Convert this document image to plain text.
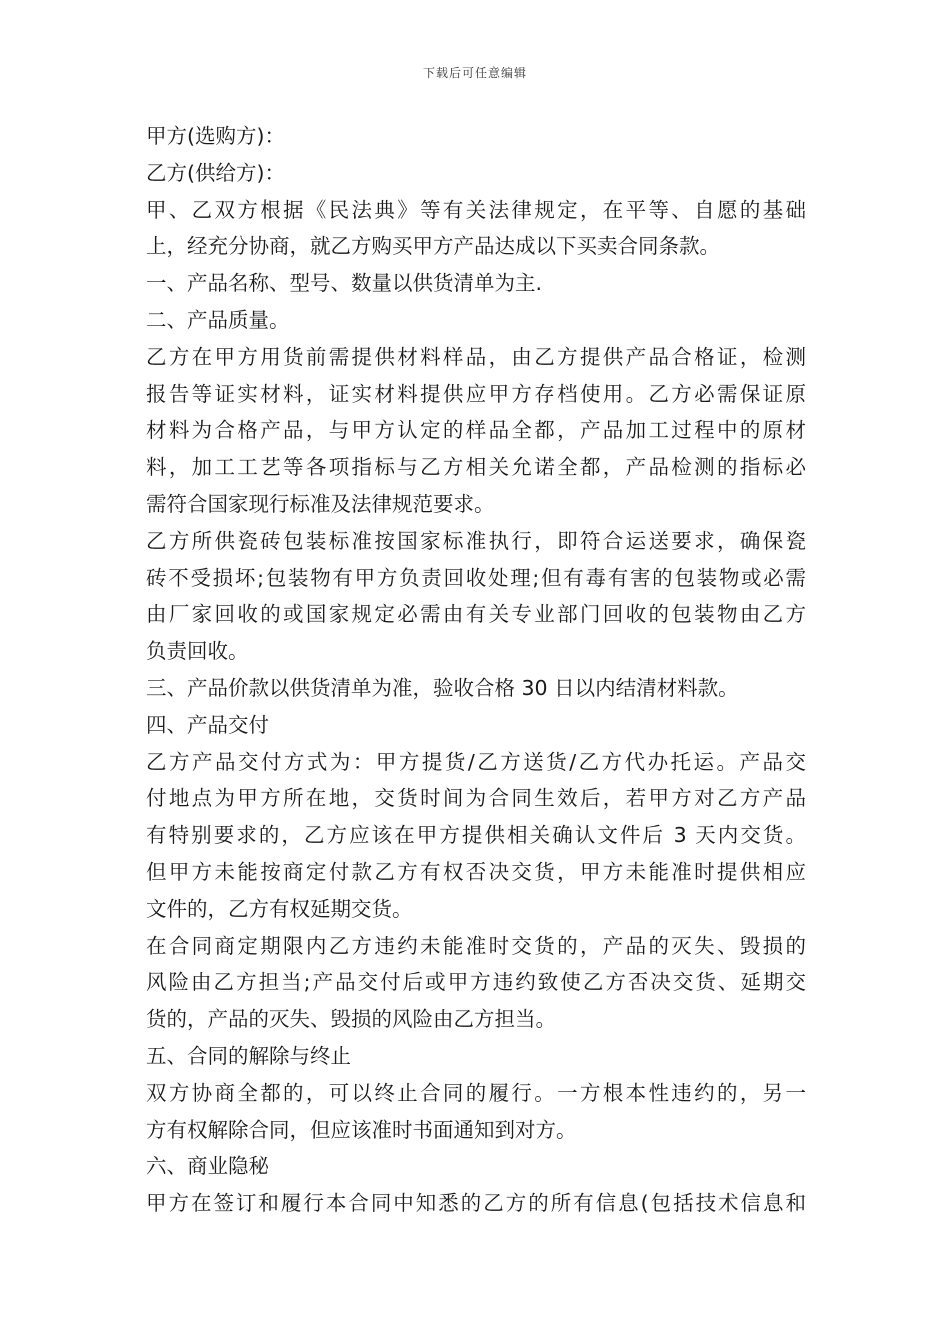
下载后可任意编辑
甲方(选购方)：
乙方(供给方)：
甲、乙双方根据《民法典》等有关法律规定，在平等、自愿的基础
上，经充分协商，就乙方购买甲方产品达成以下买卖合同条款。
一、产品名称、型号、数量以供货清单为主.
二、产品质量。
乙方在甲方用货前需提供材料样品，由乙方提供产品合格证，检测
报告等证实材料，证实材料提供应甲方存档使用。乙方必需保证原
材料为合格产品，与甲方认定的样品全都，产品加工过程中的原材
料，加工工艺等各项指标与乙方相关允诺全都，产品检测的指标必
需符合国家现行标准及法律规范要求。
乙方所供瓷砖包装标准按国家标准执行，即符合运送要求，确保瓷
砖不受损坏;包装物有甲方负责回收处理;但有毒有害的包装物或必需
由厂家回收的或国家规定必需由有关专业部门回收的包装物由乙方
负责回收。
三、产品价款以供货清单为准，验收合格 30 日以内结清材料款。
四、产品交付
乙方产品交付方式为：甲方提货/乙方送货/乙方代办托运。产品交
付地点为甲方所在地，交货时间为合同生效后，若甲方对乙方产品
有特别要求的，乙方应该在甲方提供相关确认文件后 3 天内交货。
但甲方未能按商定付款乙方有权否决交货，甲方未能准时提供相应
文件的，乙方有权延期交货。
在合同商定期限内乙方违约未能准时交货的，产品的灭失、毁损的
风险由乙方担当;产品交付后或甲方违约致使乙方否决交货、延期交
货的，产品的灭失、毁损的风险由乙方担当。
五、合同的解除与终止
双方协商全都的，可以终止合同的履行。一方根本性违约的，另一
方有权解除合同，但应该准时书面通知到对方。
六、商业隐秘
甲方在签订和履行本合同中知悉的乙方的所有信息(包括技术信息和
